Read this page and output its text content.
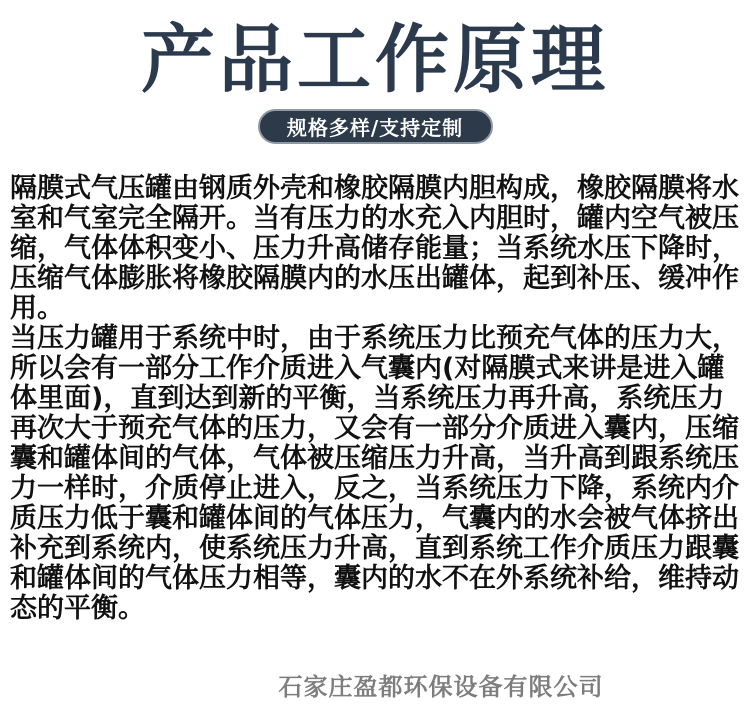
产品工作原理
规格多样/支持定制
隔膜式气压罐由钢质外壳和橡胶隔膜内胆构成，橡胶隔膜将水
室和气室完全隔开。当有压力的水充入内胆时，罐内空气被压
缩，气体体积变小、压力升高储存能量；当系统水压下降时，
压缩气体膨胀将橡胶隔膜内的水压出罐体，起到补压、缓冲作
用。
当压力罐用于系统中时，由于系统压力比预充气体的压力大，
所以会有一部分工作介质进入气囊内(对隔膜式来讲是进入罐
体里面)，直到达到新的平衡，当系统压力再升高，系统压力
再次大于预充气体的压力，又会有一部分介质进入囊内，压缩
囊和罐体间的气体，气体被压缩压力升高，当升高到跟系统压
力一样时，介质停止进入，反之，当系统压力下降，系统内介
质压力低于囊和罐体间的气体压力，气囊内的水会被气体挤出
补充到系统内，使系统压力升高，直到系统工作介质压力跟囊
和罐体间的气体压力相等，囊内的水不在外系统补给，维持动
态的平衡。
石家庄盈都环保设备有限公司
